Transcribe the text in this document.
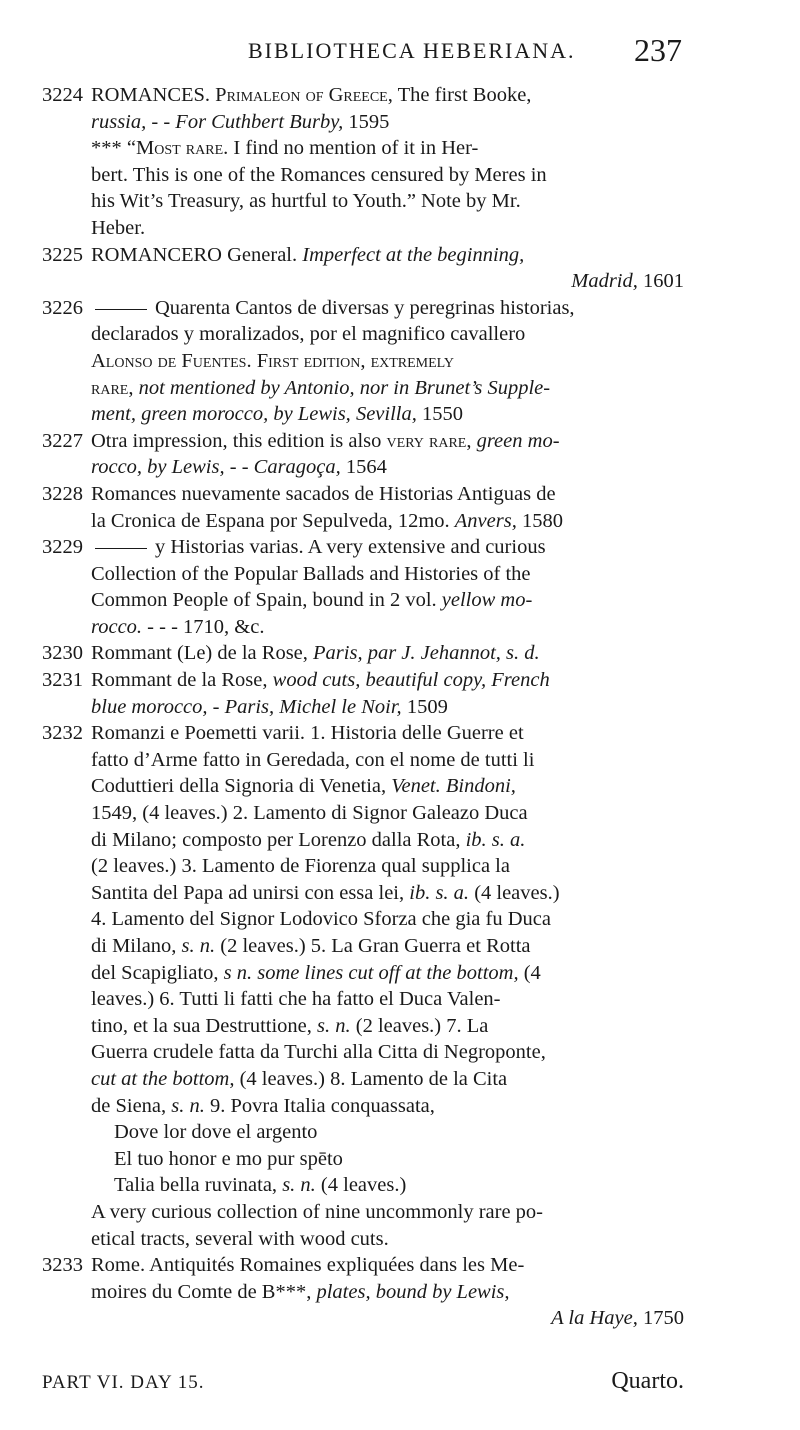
BIBLIOTHECA HEBERIANA. 237
3224 ROMANCES. Primaleon of Greece, The first Booke,
russia, - - For Cuthbert Burby, 1595
*** “Most rare. I find no mention of it in Her-
bert. This is one of the Romances censured by Meres in
his Wit’s Treasury, as hurtful to Youth.” Note by Mr.
Heber.
3225 ROMANCERO General. Imperfect at the beginning,
Madrid, 1601
3226	Quarenta Cantos de diversas y peregrinas historias,
declarados y moralizados, por el magnifico cavallero
Alonso de Fuentes. First edition, extremely
rare, not mentioned by Antonio, nor in Brunet’s Supple-
ment, green morocco, by Lewis, Sevilla, 1550
3227 Otra impression, this edition is also very rare, green mo-
rocco, by Lewis, - - Caragoça, 1564
3228 Romances nuevamente sacados de Historias Antiguas de
la Cronica de Espana por Sepulveda, 12mo. Anvers, 1580
3229	y Historias varias. A very extensive and curious
Collection of the Popular Ballads and Histories of the
Common People of Spain, bound in 2 vol. yellow mo-
rocco. - - - 1710, &c.
3230 Rommant (Le) de la Rose, Paris, par J. Jehannot, s. d.
3231 Rommant de la Rose, wood cuts, beautiful copy, French
blue morocco, - Paris, Michel le Noir, 1509
3232 Romanzi e Poemetti varii. 1. Historia delle Guerre et
fatto d’Arme fatto in Geredada, con el nome de tutti li
Coduttieri della Signoria di Venetia, Venet. Bindoni,
1549, (4 leaves.) 2. Lamento di Signor Galeazo Duca
di Milano; composto per Lorenzo dalla Rota, ib. s. a.
(2 leaves.) 3. Lamento de Fiorenza qual supplica la
Santita del Papa ad unirsi con essa lei, ib. s. a. (4 leaves.)
4. Lamento del Signor Lodovico Sforza che gia fu Duca
di Milano, s. n. (2 leaves.) 5. La Gran Guerra et Rotta
del Scapigliato, s n. some lines cut off at the bottom, (4
leaves.) 6. Tutti li fatti che ha fatto el Duca Valen-
tino, et la sua Destruttione, s. n. (2 leaves.) 7. La
Guerra crudele fatta da Turchi alla Citta di Negroponte,
cut at the bottom, (4 leaves.) 8. Lamento de la Cita
de Siena, s. n. 9. Povra Italia conquassata,
Dove lor dove el argento
El tuo honor e mo pur spēto
Talia bella ruvinata, s. n. (4 leaves.)
A very curious collection of nine uncommonly rare po-
etical tracts, several with wood cuts.
3233 Rome. Antiquités Romaines expliquées dans les Me-
moires du Comte de B***, plates, bound by Lewis,
A la Haye, 1750
PART VI. DAY 15.	Quarto.
